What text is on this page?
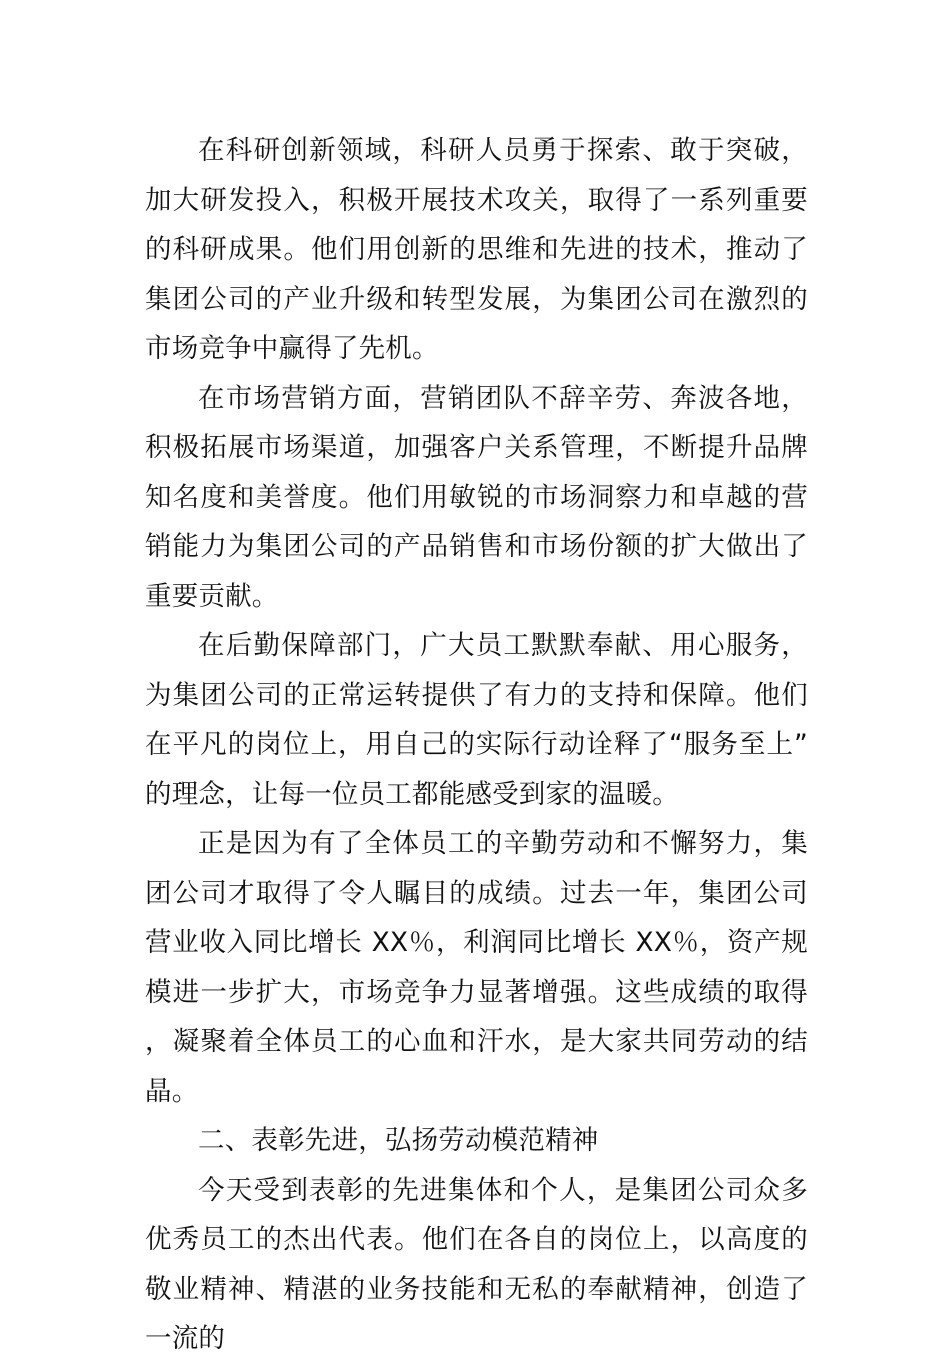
在科研创新领域，科研人员勇于探索、敢于突破，加大研发投入，积极开展技术攻关，取得了一系列重要的科研成果。他们用创新的思维和先进的技术，推动了集团公司的产业升级和转型发展，为集团公司在激烈的市场竞争中赢得了先机。

在市场营销方面，营销团队不辞辛劳、奔波各地，积极拓展市场渠道，加强客户关系管理，不断提升品牌知名度和美誉度。他们用敏锐的市场洞察力和卓越的营销能力为集团公司的产品销售和市场份额的扩大做出了重要贡献。

在后勤保障部门，广大员工默默奉献、用心服务，为集团公司的正常运转提供了有力的支持和保障。他们在平凡的岗位上，用自己的实际行动诠释了“服务至上”的理念，让每一位员工都能感受到家的温暖。

正是因为有了全体员工的辛勤劳动和不懈努力，集团公司才取得了令人瞩目的成绩。过去一年，集团公司营业收入同比增长 XX％，利润同比增长 XX％，资产规模进一步扩大，市场竞争力显著增强。这些成绩的取得，凝聚着全体员工的心血和汗水，是大家共同劳动的结晶。

二、表彰先进，弘扬劳动模范精神

今天受到表彰的先进集体和个人，是集团公司众多优秀员工的杰出代表。他们在各自的岗位上，以高度的敬业精神、精湛的业务技能和无私的奉献精神，创造了一流的
